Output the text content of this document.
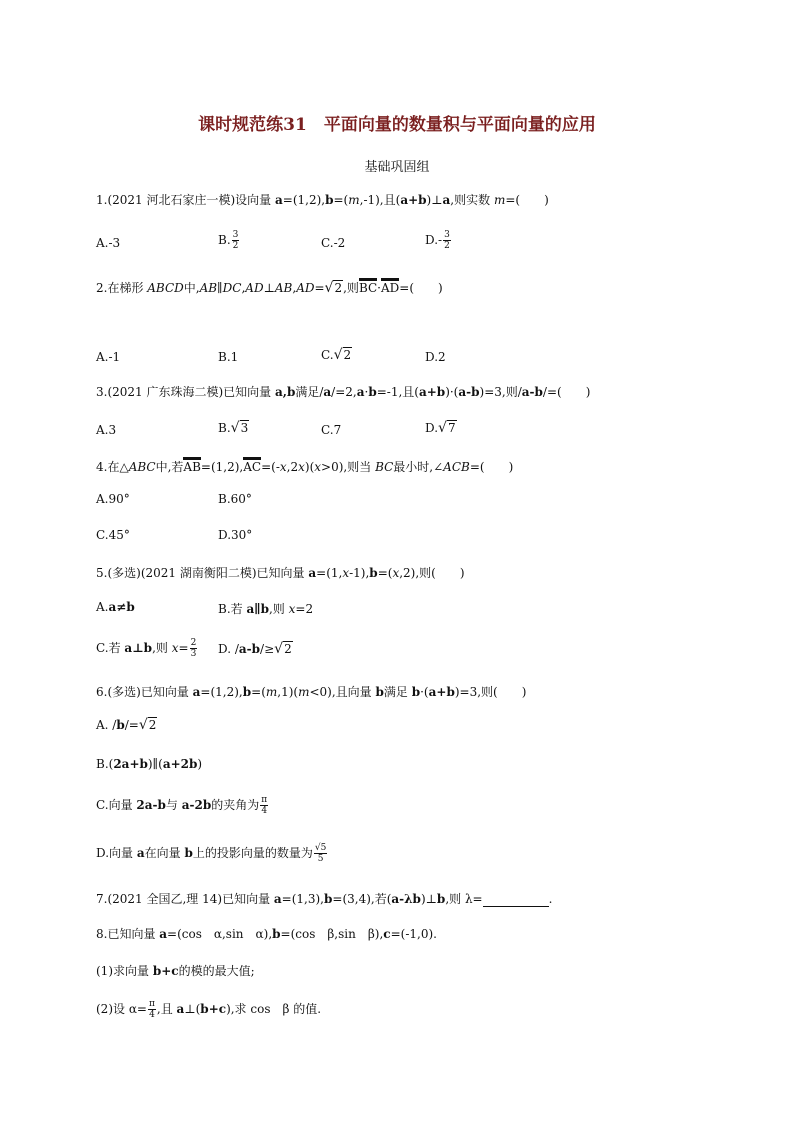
课时规范练31　平面向量的数量积与平面向量的应用
基础巩固组
1.(2021 河北石家庄一模)设向量 a=(1,2),b=(m,-1),且(a+b)⊥a,则实数 m=(　　)
A.-3	B. $\frac{3}{2}$	C.-2	$D.- \frac{3}{2}$
2.在梯形 ABCD中,AB∥DC,AD⊥AB,AD=√2,则BC·AD=(　　)
A.-1	B.1	C.√2	D.2
3.(2021 广东珠海二模)已知向量 a,b满足/a/=2,a·b=-1,且(a+b)·(a-b)=3,则/a-b/=(　　)
A.3	B.√3	C.7	D.√7
4.在△ABC中,若AB=(1,2),AC=(-x,2x)(x>0),则当 BC最小时,∠ACB=(　　)
A.90°	B.60°
C.45°	D.30°
5.(多选)(2021 湖南衡阳二模)已知向量 a=(1,x-1),b=(x,2),则(　　)
A.a≠b	B.若 a∥b,则 x=2
C.若 a⊥b,则 $x= \frac{2}{3} D$. /a-b/≥√2
6.(多选)已知向量 a=(1,2),b=(m,1)(m<0),且向量 b满足 b·(a+b)=3,则(　　)
A. /b/=√2
B.(2a+b)∥(a+2b)
C.向量 2a-b与 a-2b的夹角为 $\frac{\pi}{4}$
D.向量 a在向量 b上的投影向量的数量为 $\frac{√5}{5}$
7.(2021 全国乙,理 14)已知向量 a=(1,3),b=(3,4),若(a-λb)⊥b,则 λ=	.
8.已知向量 a=(cos　α,sin　α),b=(cos　β,sin　β),c=(-1,0).
(1)求向量 b+c的模的最大值;
(2)设 $\alpha= \frac{\pi}{4}$ ,且 a⊥(b+c),求 cos　β 的值.
